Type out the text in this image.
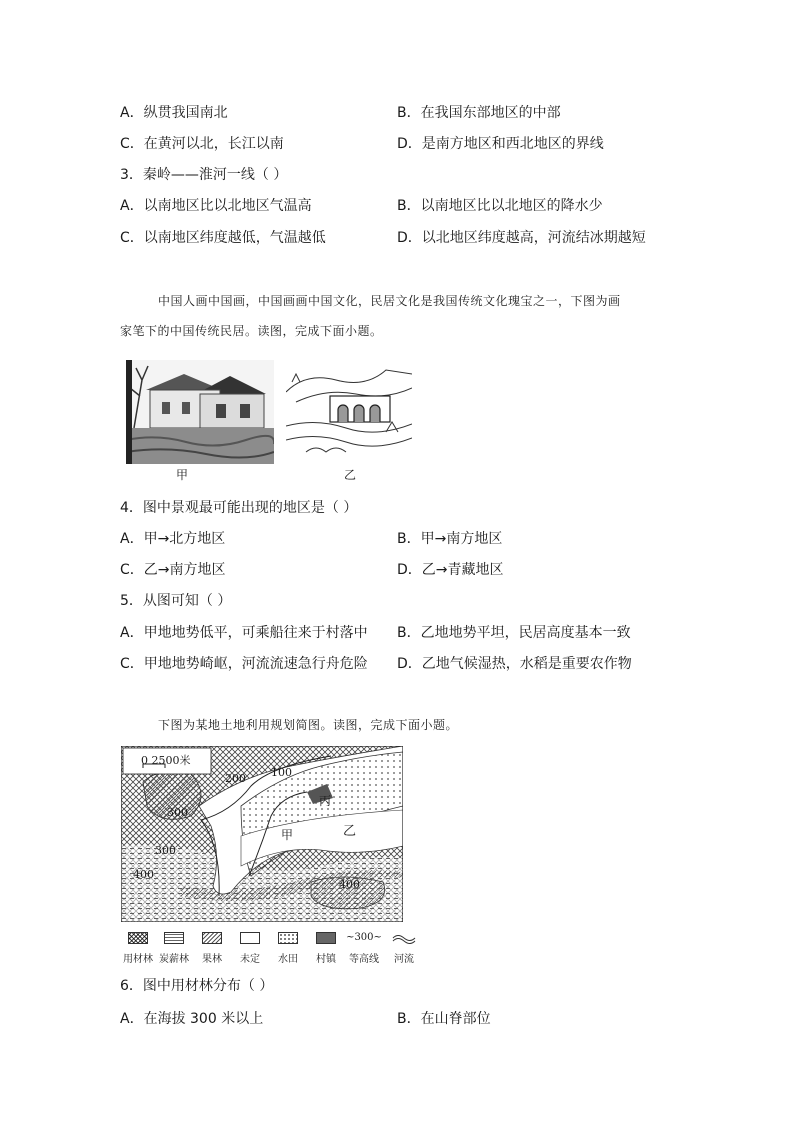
A．纵贯我国南北	B．在我国东部地区的中部
C．在黄河以北，长江以南	D．是南方地区和西北地区的界线
3．秦岭——淮河一线（ ）
A．以南地区比以北地区气温高	B．以南地区比以北地区的降水少
C．以南地区纬度越低，气温越低	D．以北地区纬度越高，河流结冰期越短
中国人画中国画，中国画画中国文化，民居文化是我国传统文化瑰宝之一，下图为画
家笔下的中国传统民居。读图，完成下面小题。
甲	乙
4．图中景观最可能出现的地区是（ ）
A．甲→北方地区	B．甲→南方地区
C．乙→南方地区	D．乙→青藏地区
5．从图可知（ ）
A．甲地地势低平，可乘船往来于村落中 B．乙地地势平坦，民居高度基本一致
C．甲地地势崎岖，河流流速急行舟危险 D．乙地气候湿热，水稻是重要农作物
下图为某地土地利用规划简图。读图，完成下面小题。
0 2500米
200 100
300
300
400
400
丙
甲	乙
用材林 炭薪林	果林	未定	水田	村镇
~300~
等高线	河流
6．图中用材林分布（ ）
A．在海拔 300 米以上	B．在山脊部位
